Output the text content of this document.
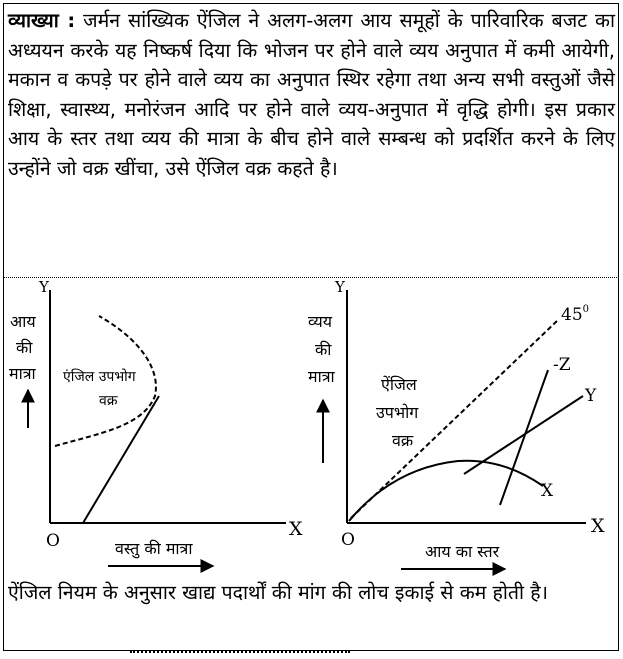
व्याख्या : जर्मन सांख्यिक ऐंजिल ने अलग-अलग आय समूहों के पारिवारिक बजट का अध्ययन करके यह निष्कर्ष दिया कि भोजन पर होने वाले व्यय अनुपात में कमी आयेगी, मकान व कपड़े पर होने वाले व्यय का अनुपात स्थिर रहेगा तथा अन्य सभी वस्तुओं जैसे शिक्षा, स्वास्थ्य, मनोरंजन आदि पर होने वाले व्यय-अनुपात में वृद्धि होगी। इस प्रकार आय के स्तर तथा व्यय की मात्रा के बीच होने वाले सम्बन्ध को प्रदर्शित करने के लिए उन्होंने जो वक्र खींचा, उसे ऐंजिल वक्र कहते है।
Y
X
O
आय
की
मात्रा
वस्तु की मात्रा
एंजिल उपभोग
वक्र
Y
X
O
व्यय
की
मात्रा
आय का स्तर
$45^0$
ऐंजिल
उपभोग
वक्र
-Z
Y
X
ऐंजिल नियम के अनुसार खाद्य पदार्थों की मांग की लोच इकाई से कम होती है।
